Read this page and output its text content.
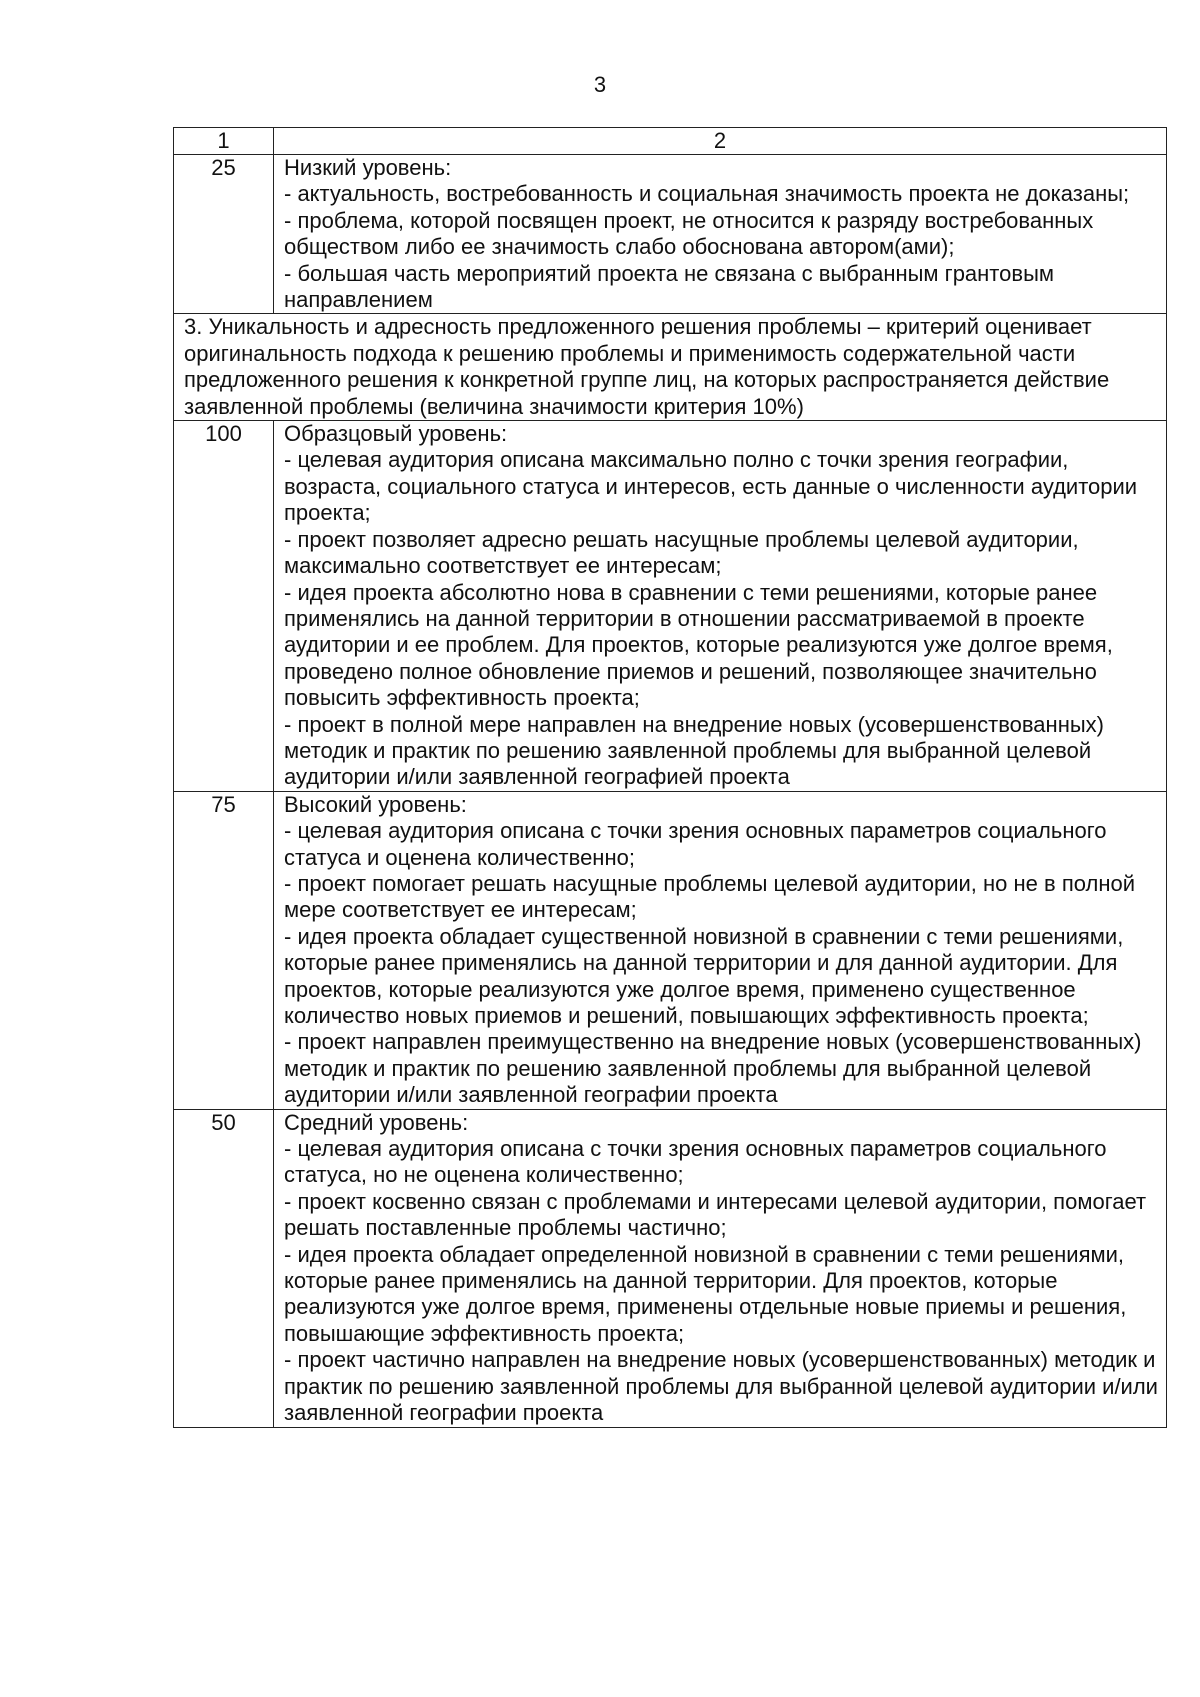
3
1	2
25	Низкий уровень:
- актуальность, востребованность и социальная значимость проекта не доказаны;
- проблема, которой посвящен проект, не относится к разряду востребованных обществом либо ее значимость слабо обоснована автором(ами);
- большая часть мероприятий проекта не связана с выбранным грантовым направлением

3. Уникальность и адресность предложенного решения проблемы – критерий оценивает оригинальность подхода к решению проблемы и применимость содержательной части предложенного решения к конкретной группе лиц, на которых распространяется действие заявленной проблемы (величина значимости критерия 10%)	
100	Образцовый уровень:
- целевая аудитория описана максимально полно с точки зрения географии, возраста, социального статуса и интересов, есть данные о численности аудитории проекта;
- проект позволяет адресно решать насущные проблемы целевой аудитории, максимально соответствует ее интересам;
- идея проекта абсолютно нова в сравнении с теми решениями, которые ранее применялись на данной территории в отношении рассматриваемой в проекте аудитории и ее проблем. Для проектов, которые реализуются уже долгое время, проведено полное обновление приемов и решений, позволяющее значительно повысить эффективность проекта;
- проект в полной мере направлен на внедрение новых (усовершенствованных) методик и практик по решению заявленной проблемы для выбранной целевой аудитории и/или заявленной географией проекта

75	Высокий уровень:
- целевая аудитория описана с точки зрения основных параметров социального статуса и оценена количественно;
- проект помогает решать насущные проблемы целевой аудитории, но не в полной мере соответствует ее интересам;
- идея проекта обладает существенной новизной в сравнении с теми решениями, которые ранее применялись на данной территории и для данной аудитории. Для проектов, которые реализуются уже долгое время, применено существенное количество новых приемов и решений, повышающих эффективность проекта;
- проект направлен преимущественно на внедрение новых (усовершенствованных) методик и практик по решению заявленной проблемы для выбранной целевой аудитории и/или заявленной географии проекта

50	Средний уровень:
- целевая аудитория описана с точки зрения основных параметров социального статуса, но не оценена количественно;
- проект косвенно связан с проблемами и интересами целевой аудитории, помогает решать поставленные проблемы частично;
- идея проекта обладает определенной новизной в сравнении с теми решениями, которые ранее применялись на данной территории. Для проектов, которые реализуются уже долгое время, применены отдельные новые приемы и решения, повышающие эффективность проекта;
- проект частично направлен на внедрение новых (усовершенствованных) методик и практик по решению заявленной проблемы для выбранной целевой аудитории и/или заявленной географии проекта
